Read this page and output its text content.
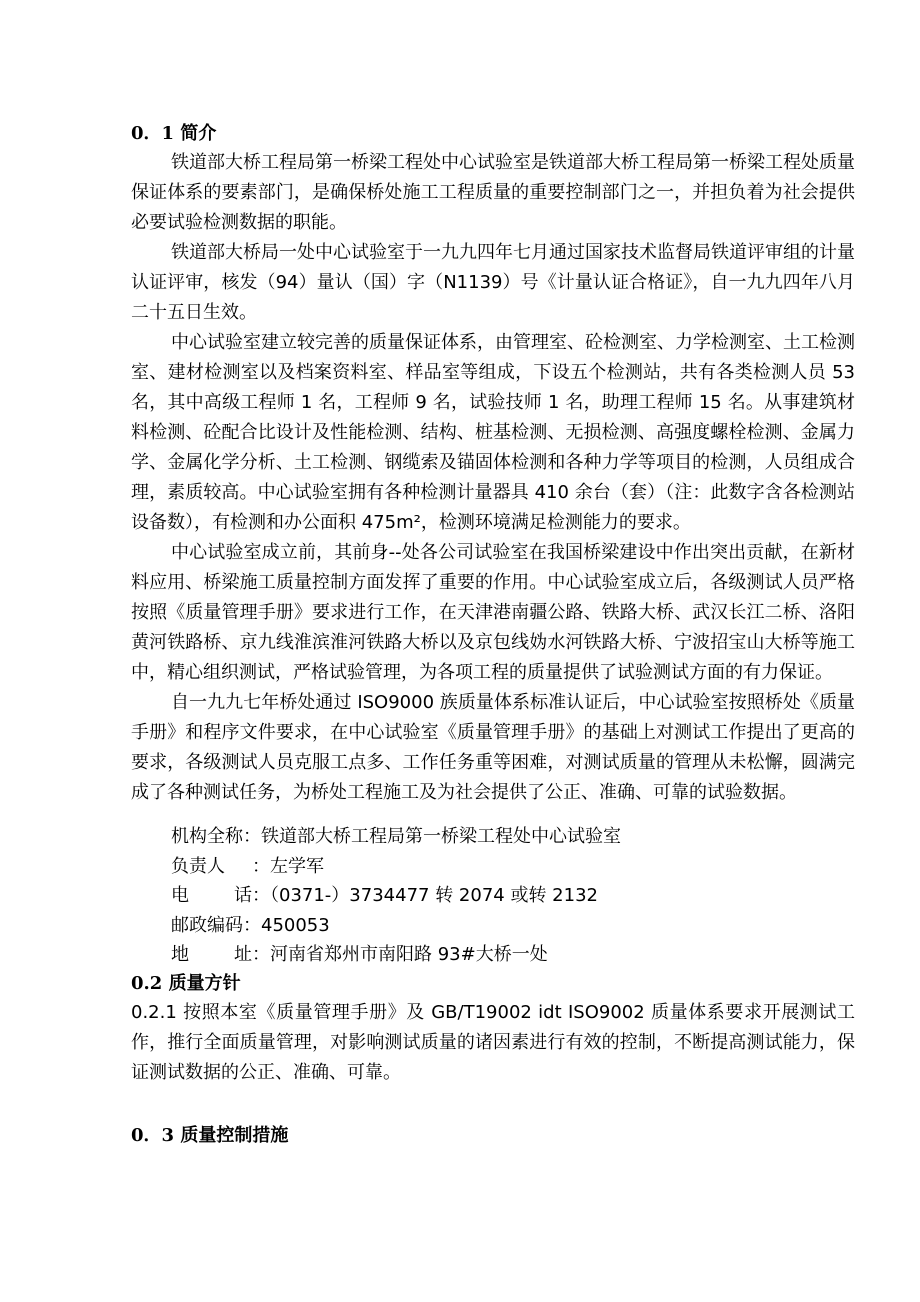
0．1 简介

铁道部大桥工程局第一桥梁工程处中心试验室是铁道部大桥工程局第一桥梁工程处质量保证体系的要素部门，是确保桥处施工工程质量的重要控制部门之一，并担负着为社会提供必要试验检测数据的职能。

铁道部大桥局一处中心试验室于一九九四年七月通过国家技术监督局铁道评审组的计量认证评审，核发（94）量认（国）字（N1139）号《计量认证合格证》，自一九九四年八月二十五日生效。

中心试验室建立较完善的质量保证体系，由管理室、砼检测室、力学检测室、土工检测室、建材检测室以及档案资料室、样品室等组成，下设五个检测站，共有各类检测人员 53 名，其中高级工程师 1 名，工程师 9 名，试验技师 1 名，助理工程师 15 名。从事建筑材料检测、砼配合比设计及性能检测、结构、桩基检测、无损检测、高强度螺栓检测、金属力学、金属化学分析、土工检测、钢缆索及锚固体检测和各种力学等项目的检测，人员组成合理，素质较高。中心试验室拥有各种检测计量器具 410 余台（套）（注：此数字含各检测站设备数），有检测和办公面积 475m²，检测环境满足检测能力的要求。

中心试验室成立前，其前身--处各公司试验室在我国桥梁建设中作出突出贡献，在新材料应用、桥梁施工质量控制方面发挥了重要的作用。中心试验室成立后，各级测试人员严格按照《质量管理手册》要求进行工作，在天津港南疆公路、铁路大桥、武汉长江二桥、洛阳黄河铁路桥、京九线淮滨淮河铁路大桥以及京包线妫水河铁路大桥、宁波招宝山大桥等施工中，精心组织测试，严格试验管理，为各项工程的质量提供了试验测试方面的有力保证。

自一九九七年桥处通过 ISO9000 族质量体系标准认证后，中心试验室按照桥处《质量手册》和程序文件要求，在中心试验室《质量管理手册》的基础上对测试工作提出了更高的要求，各级测试人员克服工点多、工作任务重等困难，对测试质量的管理从未松懈，圆满完成了各种测试任务，为桥处工程施工及为社会提供了公正、准确、可靠的试验数据。

机构全称：铁道部大桥工程局第一桥梁工程处中心试验室
负责人 ：左学军
电话：（0371-）3734477 转 2074 或转 2132
邮政编码：450053
地址：河南省郑州市南阳路 93#大桥一处
0.2 质量方针

0.2.1 按照本室《质量管理手册》及 GB/T19002 idt ISO9002 质量体系要求开展测试工作，推行全面质量管理，对影响测试质量的诸因素进行有效的控制，不断提高测试能力，保证测试数据的公正、准确、可靠。

0．3 质量控制措施
